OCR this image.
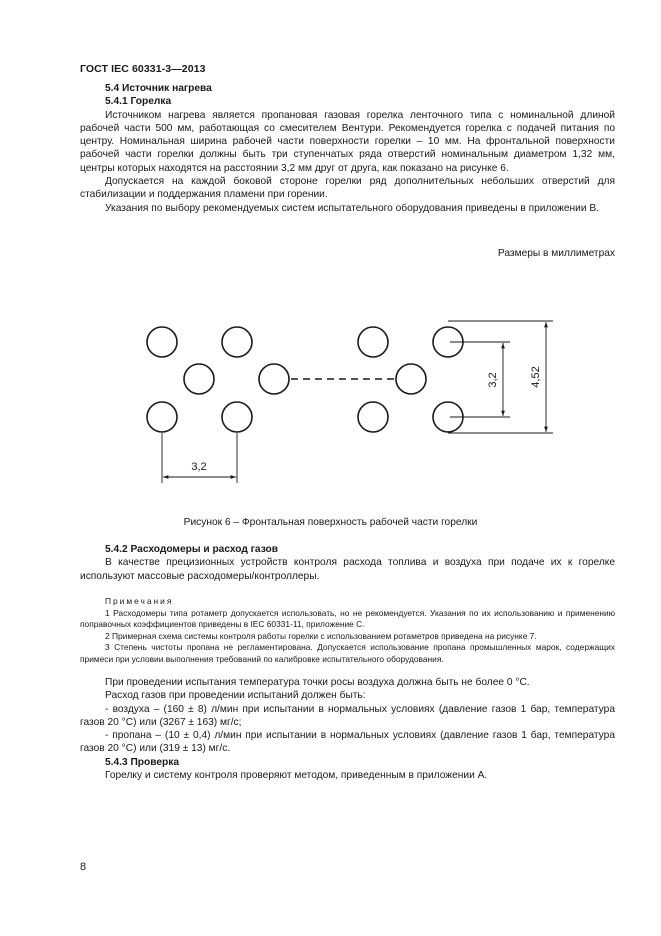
ГОСТ IEC 60331-3—2013
5.4 Источник нагрева
5.4.1 Горелка

Источником нагрева является пропановая газовая горелка ленточного типа с номинальной длиной рабочей части 500 мм, работающая со смесителем Вентури. Рекомендуется горелка с подачей питания по центру. Номинальная ширина рабочей части поверхности горелки – 10 мм. На фронтальной поверхности рабочей части горелки должны быть три ступенчатых ряда отверстий номинальным диаметром 1,32 мм, центры которых находятся на расстоянии 3,2 мм друг от друга, как показано на рисунке 6.

Допускается на каждой боковой стороне горелки ряд дополнительных небольших отверстий для стабилизации и поддержания пламени при горении.

Указания по выбору рекомендуемых систем испытательного оборудования приведены в приложении В.

Размеры в миллиметрах
3,2
3,2	4,52
Рисунок 6 – Фронтальная поверхность рабочей части горелки
5.4.2 Расходомеры и расход газов

В качестве прецизионных устройств контроля расхода топлива и воздуха при подаче их к горелке используют массовые расходомеры/контроллеры.

Примечания

1 Расходомеры типа ротаметр допускается использовать, но не рекомендуется. Указания по их использованию и применению поправочных коэффициентов приведены в IEC 60331-11, приложение С.

2 Примерная схема системы контроля работы горелки с использованием ротаметров приведена на рисунке 7.

3 Степень чистоты пропана не регламентирована. Допускается использование пропана промышленных марок, содержащих примеси при условии выполнения требований по калибровке испытательного оборудования.

При проведении испытания температура точки росы воздуха должна быть не более 0 °С.

Расход газов при проведении испытаний должен быть:

- воздуха – (160 ± 8) л/мин при испытании в нормальных условиях (давление газов 1 бар, температура газов 20 °С) или (3267 ± 163) мг/с;

- пропана – (10 ± 0,4) л/мин при испытании в нормальных условиях (давление газов 1 бар, температура газов 20 °С) или (319 ± 13) мг/с.

5.4.3 Проверка

Горелку и систему контроля проверяют методом, приведенным в приложении А.

8
